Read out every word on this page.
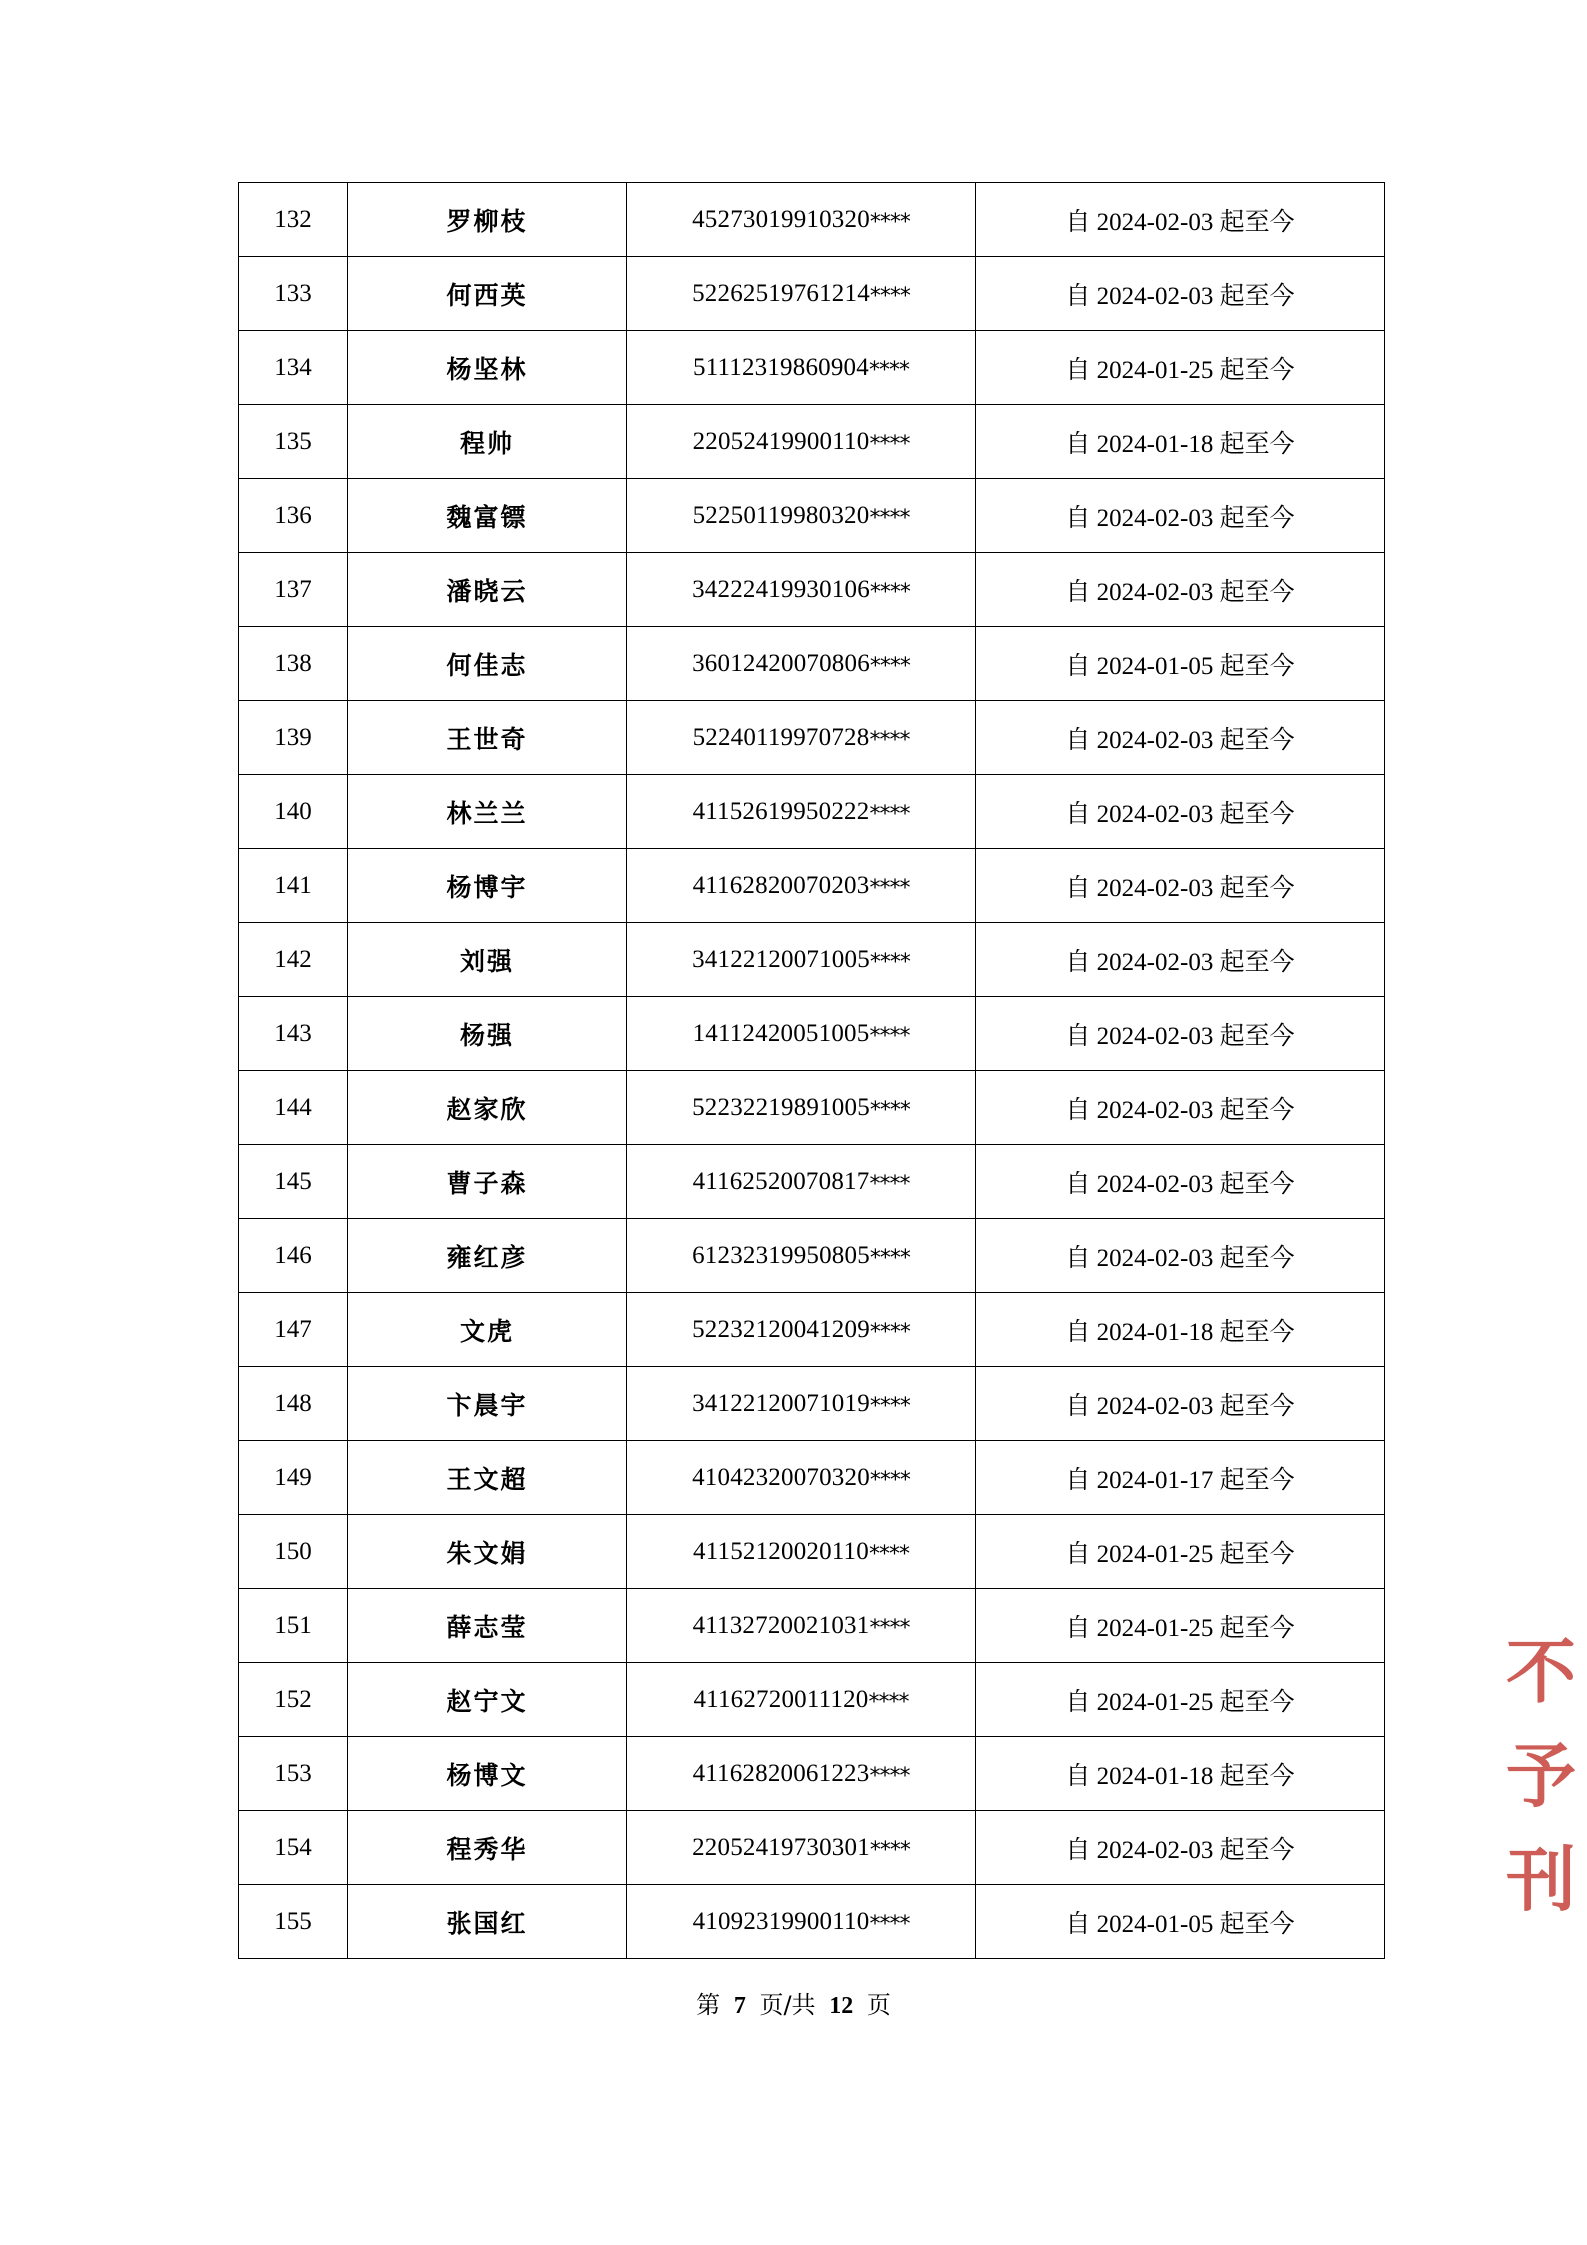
132	罗柳枝	45273019910320****	自 2024-02-03 起至今
133	何西英	52262519761214****	自 2024-02-03 起至今
134	杨坚林	51112319860904****	自 2024-01-25 起至今
135	程帅	22052419900110****	自 2024-01-18 起至今
136	魏富镖	52250119980320****	自 2024-02-03 起至今
137	潘晓云	34222419930106****	自 2024-02-03 起至今
138	何佳志	36012420070806****	自 2024-01-05 起至今
139	王世奇	52240119970728****	自 2024-02-03 起至今
140	林兰兰	41152619950222****	自 2024-02-03 起至今
141	杨博宇	41162820070203****	自 2024-02-03 起至今
142	刘强	34122120071005****	自 2024-02-03 起至今
143	杨强	14112420051005****	自 2024-02-03 起至今
144	赵家欣	52232219891005****	自 2024-02-03 起至今
145	曹子森	41162520070817****	自 2024-02-03 起至今
146	雍红彦	61232319950805****	自 2024-02-03 起至今
147	文虎	52232120041209****	自 2024-01-18 起至今
148	卞晨宇	34122120071019****	自 2024-02-03 起至今
149	王文超	41042320070320****	自 2024-01-17 起至今
150	朱文娟	41152120020110****	自 2024-01-25 起至今
151	薛志莹	41132720021031****	自 2024-01-25 起至今
152	赵宁文	41162720011120****	自 2024-01-25 起至今
153	杨博文	41162820061223****	自 2024-01-18 起至今
154	程秀华	22052419730301****	自 2024-02-03 起至今
155	张国红	41092319900110****	自 2024-01-05 起至今
第 7 页/共 12 页
不
予
刊
